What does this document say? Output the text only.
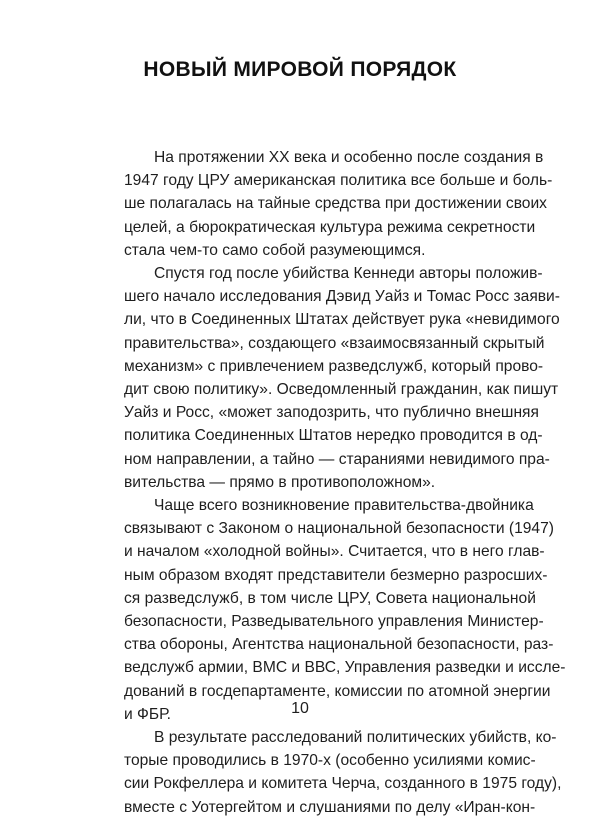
НОВЫЙ МИРОВОЙ ПОРЯДОК
На протяжении XX века и особенно после создания в
1947 году ЦРУ американская политика все больше и боль-
ше полагалась на тайные средства при достижении своих
целей, а бюрократическая культура режима секретности
стала чем-то само собой разумеющимся.
Спустя год после убийства Кеннеди авторы положив-
шего начало исследования Дэвид Уайз и Томас Росс заяви-
ли, что в Соединенных Штатах действует рука «невидимого
правительства», создающего «взаимосвязанный скрытый
механизм» с привлечением разведслужб, который прово-
дит свою политику». Осведомленный гражданин, как пишут
Уайз и Росс, «может заподозрить, что публично внешняя
политика Соединенных Штатов нередко проводится в од-
ном направлении, а тайно — стараниями невидимого пра-
вительства — прямо в противоположном».
Чаще всего возникновение правительства-двойника
связывают с Законом о национальной безопасности (1947)
и началом «холодной войны». Считается, что в него глав-
ным образом входят представители безмерно разросших-
ся разведслужб, в том числе ЦРУ, Совета национальной
безопасности, Разведывательного управления Министер-
ства обороны, Агентства национальной безопасности, раз-
ведслужб армии, ВМС и ВВС, Управления разведки и иссле-
дований в госдепартаменте, комиссии по атомной энергии
и ФБР.
В результате расследований политических убийств, ко-
торые проводились в 1970-х (особенно усилиями комис-
сии Рокфеллера и комитета Черча, созданного в 1975 году),
вместе с Уотергейтом и слушаниями по делу «Иран-кон-
10
